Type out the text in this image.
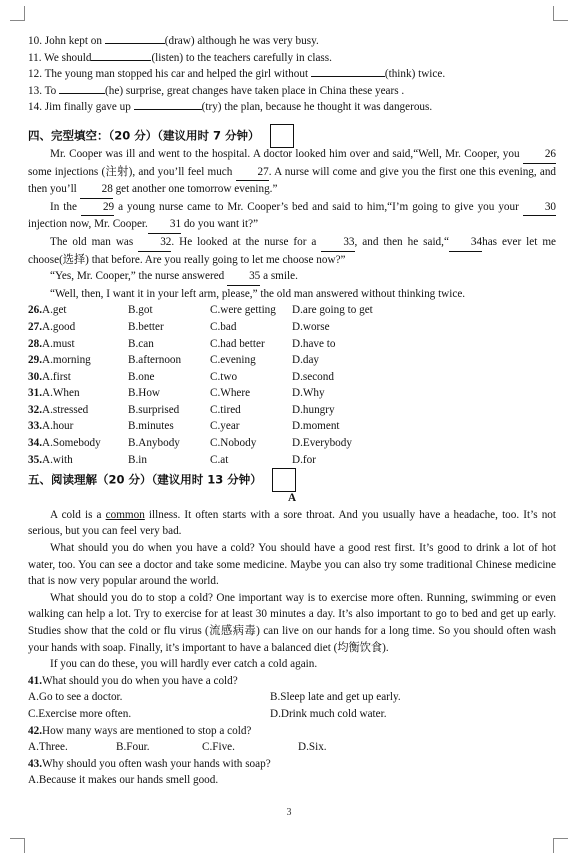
10. John kept on	(draw) although he was very busy.
11. We should	(listen) to the teachers carefully in class.
12. The young man stopped his car and helped the girl without	(think) twice.
13. To	(he) surprise, great changes have taken place in China these years .
14. Jim finally gave up	(try) the plan, because he thought it was dangerous.
四、完型填空：（20 分）（建议用时 7 分钟）
Mr. Cooper was ill and went to the hospital. A doctor looked him over and said,“Well, Mr. Cooper, you 26 some injections (注射), and you’ll feel much 27. A nurse will come and give you the first one this evening, and then you’ll 28 get another one tomorrow evening.”
In the 29 a young nurse came to Mr. Cooper’s bed and said to him,“I’m going to give you your 30 injection now, Mr. Cooper. 31 do you want it?”
The old man was 32. He looked at the nurse for a 33, and then he said,“ 34has ever let me choose(选择) that before. Are you really going to let me choose now?”
“Yes, Mr. Cooper,” the nurse answered 35 a smile.
“Well, then, I want it in your left arm, please,” the old man answered without thinking twice.
26.A.get	B.got	C.were getting	D.are going to get
27.A.good	B.better	C.bad	D.worse
28.A.must	B.can	C.had better	D.have to
29.A.morning	B.afternoon	C.evening	D.day
30.A.first	B.one	C.two	D.second
31.A.When	B.How	C.Where	D.Why
32.A.stressed	B.surprised	C.tired	D.hungry
33.A.hour	B.minutes	C.year	D.moment
34.A.Somebody	B.Anybody	C.Nobody	D.Everybody
35.A.with	B.in	C.at	D.for
五、阅读理解（20 分）（建议用时 13 分钟）
A
A cold is a common illness. It often starts with a sore throat. And you usually have a headache, too. It’s not serious, but you can feel very bad.
What should you do when you have a cold? You should have a good rest first. It’s good to drink a lot of hot water, too. You can see a doctor and take some medicine. Maybe you can also try some traditional Chinese medicine that is now very popular around the world.
What should you do to stop a cold? One important way is to exercise more often. Running, swimming or even walking can help a lot. Try to exercise for at least 30 minutes a day. It’s also important to go to bed and get up early. Studies show that the cold or flu virus (流感病毒) can live on our hands for a long time. So you should often wash your hands with soap. Finally, it’s important to have a balanced diet (均衡饮食).
If you can do these, you will hardly ever catch a cold again.
41.What should you do when you have a cold?
A.Go to see a doctor.	B.Sleep late and get up early.
C.Exercise more often.	D.Drink much cold water.
42.How many ways are mentioned to stop a cold?
A.Three.	B.Four.	C.Five.	D.Six.
43.Why should you often wash your hands with soap?
A.Because it makes our hands smell good.
3
